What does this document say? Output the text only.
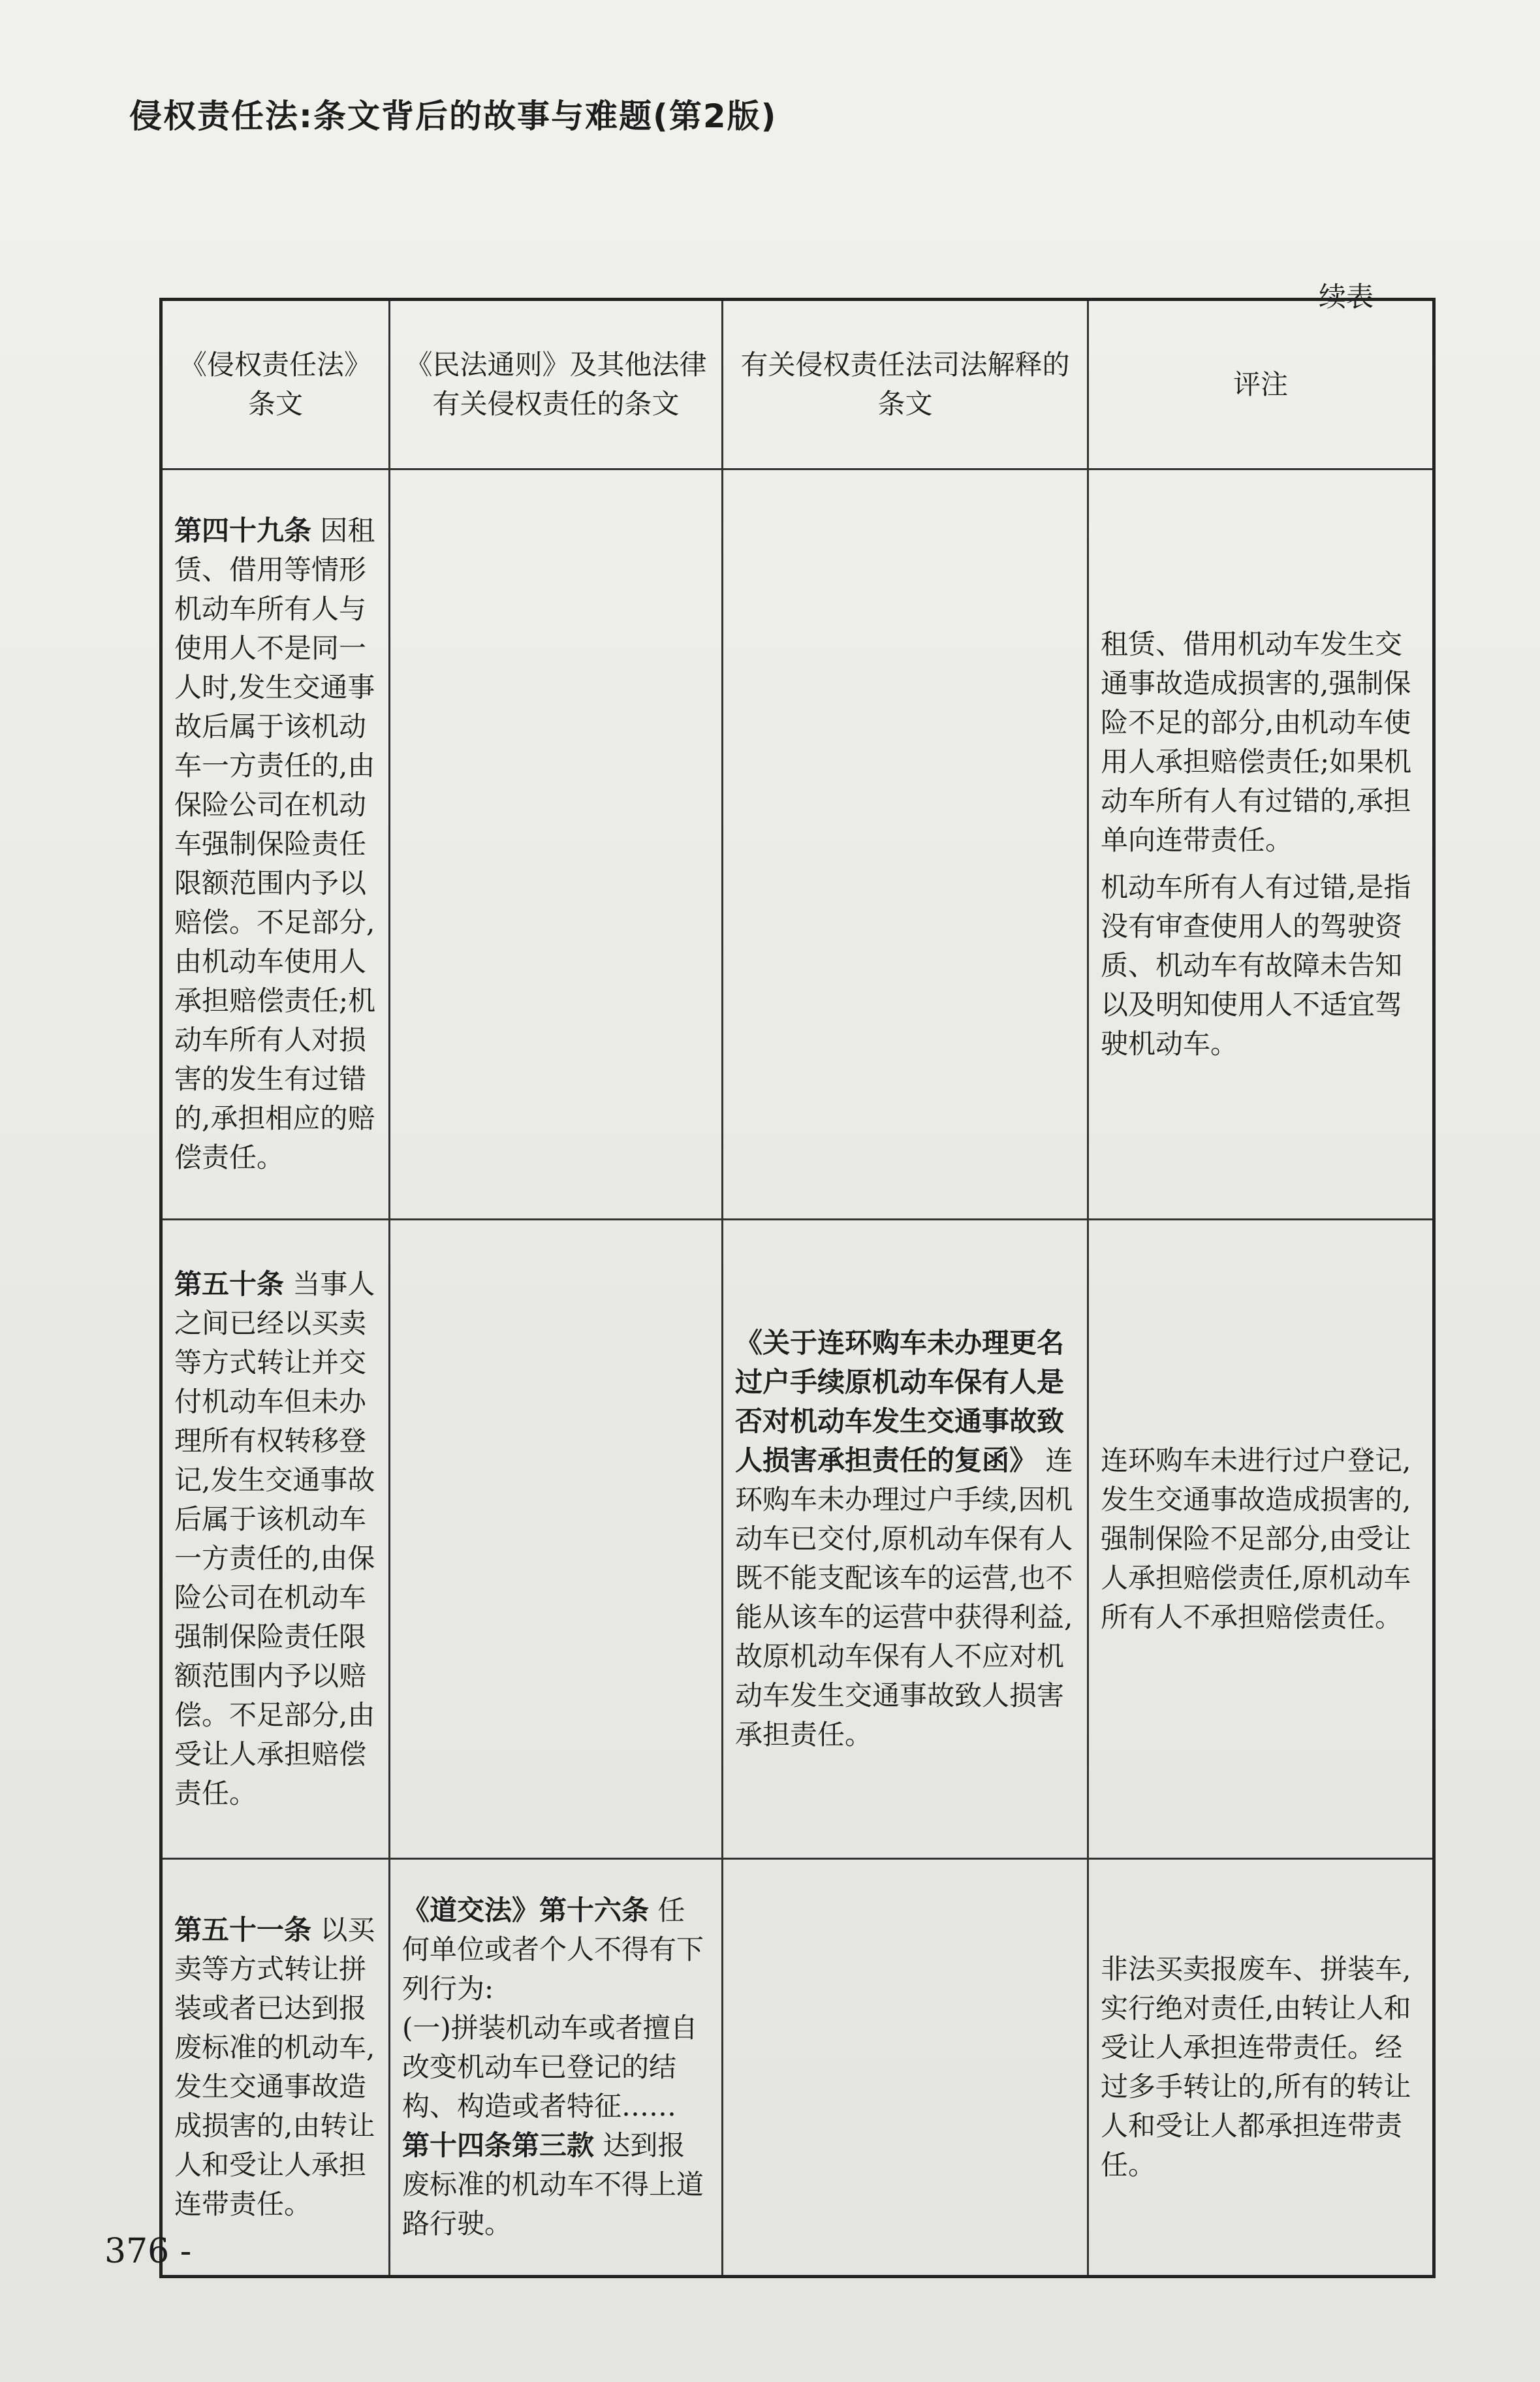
侵权责任法:条文背后的故事与难题(第2版)
续表
《侵权责任法》条文	《民法通则》及其他法律有关侵权责任的条文	有关侵权责任法司法解释的条文	评注
第四十九条 因租赁、借用等情形机动车所有人与使用人不是同一人时,发生交通事故后属于该机动车一方责任的,由保险公司在机动车强制保险责任限额范围内予以赔偿。不足部分,由机动车使用人承担赔偿责任;机动车所有人对损害的发生有过错的,承担相应的赔偿责任。			租赁、借用机动车发生交通事故造成损害的,强制保险不足的部分,由机动车使用人承担赔偿责任;如果机动车所有人有过错的,承担单向连带责任。
机动车所有人有过错,是指没有审查使用人的驾驶资质、机动车有故障未告知以及明知使用人不适宜驾驶机动车。

第五十条 当事人之间已经以买卖等方式转让并交付机动车但未办理所有权转移登记,发生交通事故后属于该机动车一方责任的,由保险公司在机动车强制保险责任限额范围内予以赔偿。不足部分,由受让人承担赔偿责任。		《关于连环购车未办理更名过户手续原机动车保有人是否对机动车发生交通事故致人损害承担责任的复函》 连环购车未办理过户手续,因机动车已交付,原机动车保有人既不能支配该车的运营,也不能从该车的运营中获得利益,故原机动车保有人不应对机动车发生交通事故致人损害承担责任。	连环购车未进行过户登记,发生交通事故造成损害的,强制保险不足部分,由受让人承担赔偿责任,原机动车所有人不承担赔偿责任。

第五十一条 以买卖等方式转让拼装或者已达到报废标准的机动车,发生交通事故造成损害的,由转让人和受让人承担连带责任。	《道交法》第十六条 任何单位或者个人不得有下列行为:
(一)拼装机动车或者擅自改变机动车已登记的结构、构造或者特征……
第十四条第三款 达到报废标准的机动车不得上道路行驶。		非法买卖报废车、拼装车,实行绝对责任,由转让人和受让人承担连带责任。经过多手转让的,所有的转让人和受让人都承担连带责任。
376 -
